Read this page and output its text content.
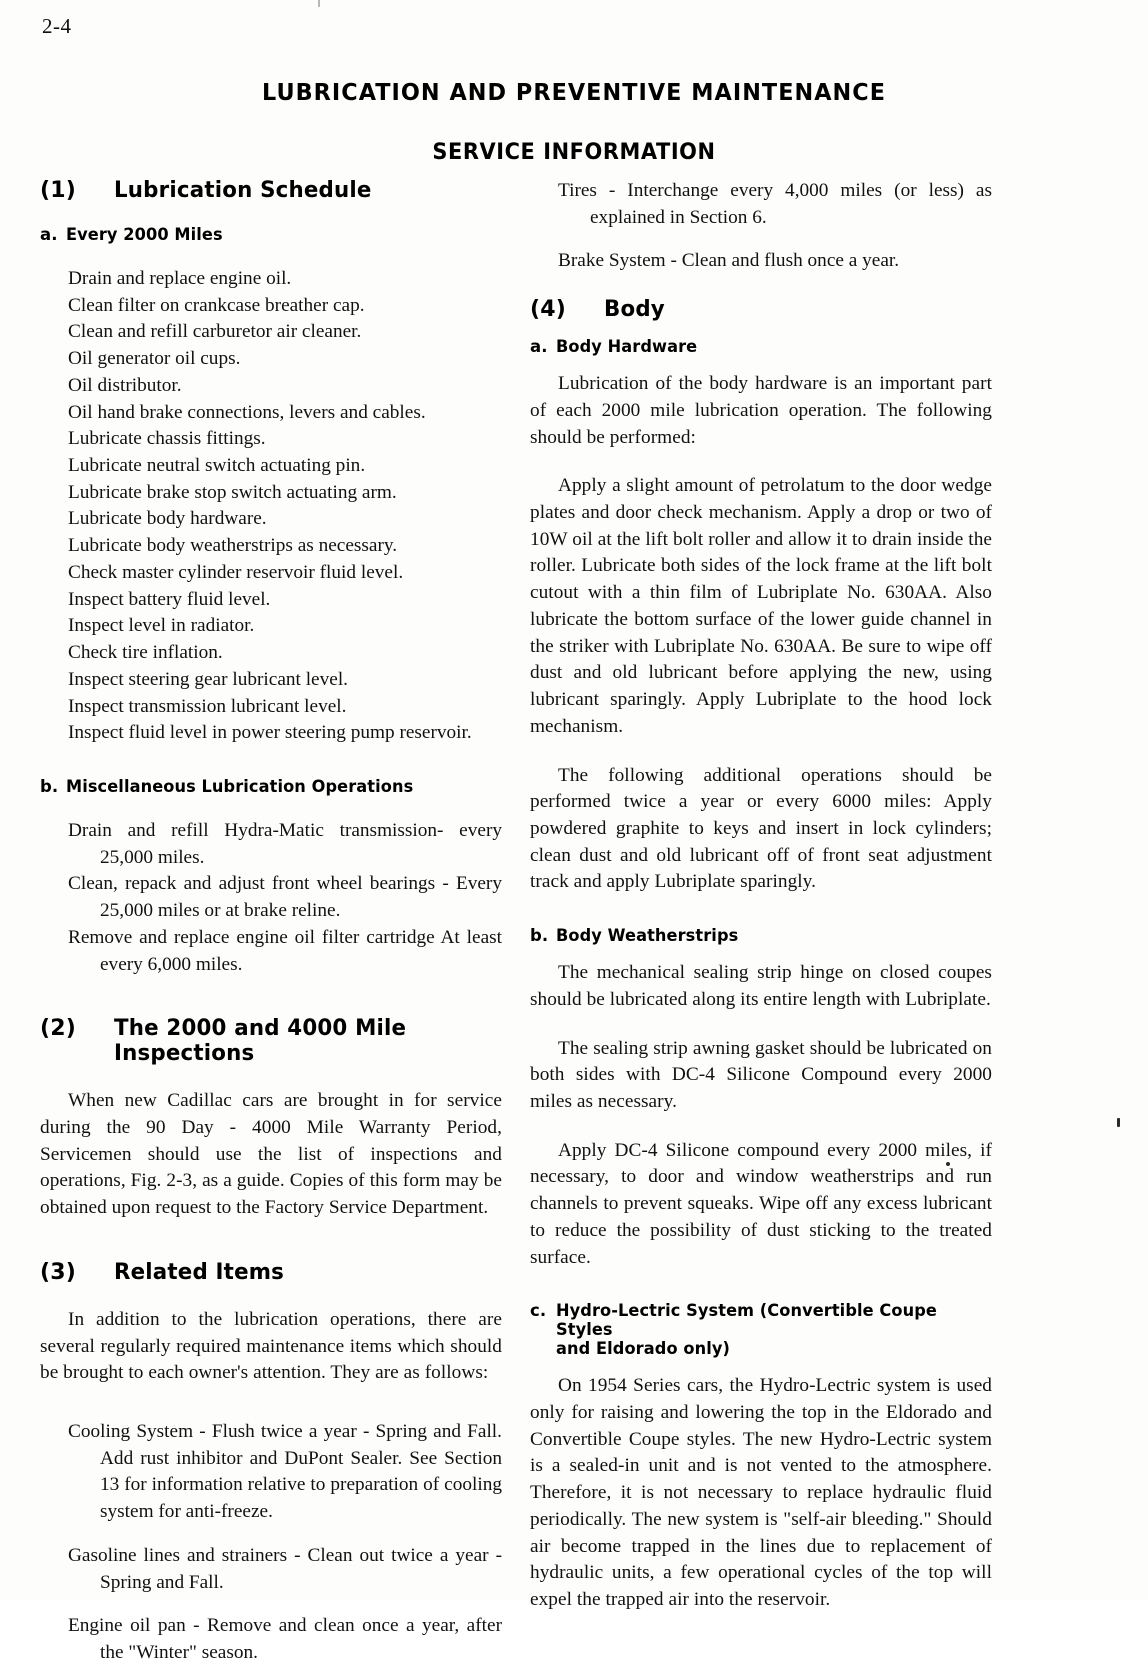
2-4
LUBRICATION AND PREVENTIVE MAINTENANCE
SERVICE INFORMATION
(1)	Lubrication Schedule
a. Every 2000 Miles
Drain and replace engine oil.
Clean filter on crankcase breather cap.
Clean and refill carburetor air cleaner.
Oil generator oil cups.
Oil distributor.
Oil hand brake connections, levers and cables.
Lubricate chassis fittings.
Lubricate neutral switch actuating pin.
Lubricate brake stop switch actuating arm.
Lubricate body hardware.
Lubricate body weatherstrips as necessary.
Check master cylinder reservoir fluid level.
Inspect battery fluid level.
Inspect level in radiator.
Check tire inflation.
Inspect steering gear lubricant level.
Inspect transmission lubricant level.
Inspect fluid level in power steering pump reservoir.
b. Miscellaneous Lubrication Operations
Drain and refill Hydra-Matic transmission- every 25,000 miles.
Clean, repack and adjust front wheel bearings - Every 25,000 miles or at brake reline.
Remove and replace engine oil filter cartridge At least every 6,000 miles.
(2)	The 2000 and 4000 Mile Inspections

When new Cadillac cars are brought in for service during the 90 Day - 4000 Mile Warranty Period, Servicemen should use the list of inspections and operations, Fig. 2-3, as a guide. Copies of this form may be obtained upon request to the Factory Service Department.

(3)	Related Items

In addition to the lubrication operations, there are several regularly required maintenance items which should be brought to each owner's attention. They are as follows:

Cooling System - Flush twice a year - Spring and Fall. Add rust inhibitor and DuPont Sealer. See Section 13 for information relative to preparation of cooling system for anti-freeze.
Gasoline lines and strainers - Clean out twice a year - Spring and Fall.
Engine oil pan - Remove and clean once a year, after the "Winter" season.
Tires - Interchange every 4,000 miles (or less) as explained in Section 6.
Brake System - Clean and flush once a year.
(4)	Body
a. Body Hardware

Lubrication of the body hardware is an important part of each 2000 mile lubrication operation. The following should be performed:

Apply a slight amount of petrolatum to the door wedge plates and door check mechanism. Apply a drop or two of 10W oil at the lift bolt roller and allow it to drain inside the roller. Lubricate both sides of the lock frame at the lift bolt cutout with a thin film of Lubriplate No. 630AA. Also lubricate the bottom surface of the lower guide channel in the striker with Lubriplate No. 630AA. Be sure to wipe off dust and old lubricant before applying the new, using lubricant sparingly. Apply Lubriplate to the hood lock mechanism.

The following additional operations should be performed twice a year or every 6000 miles: Apply powdered graphite to keys and insert in lock cylinders; clean dust and old lubricant off of front seat adjustment track and apply Lubriplate sparingly.

b. Body Weatherstrips

The mechanical sealing strip hinge on closed coupes should be lubricated along its entire length with Lubriplate.

The sealing strip awning gasket should be lubricated on both sides with DC-4 Silicone Compound every 2000 miles as necessary.

Apply DC-4 Silicone compound every 2000 miles, if necessary, to door and window weatherstrips and run channels to prevent squeaks. Wipe off any excess lubricant to reduce the possibility of dust sticking to the treated surface.

c. Hydro-Lectric System (Convertible Coupe Styles
and Eldorado only)

On 1954 Series cars, the Hydro-Lectric system is used only for raising and lowering the top in the Eldorado and Convertible Coupe styles. The new Hydro-Lectric system is a sealed-in unit and is not vented to the atmosphere. Therefore, it is not necessary to replace hydraulic fluid periodically. The new system is "self-air bleeding." Should air become trapped in the lines due to replacement of hydraulic units, a few operational cycles of the top will expel the trapped air into the reservoir.
